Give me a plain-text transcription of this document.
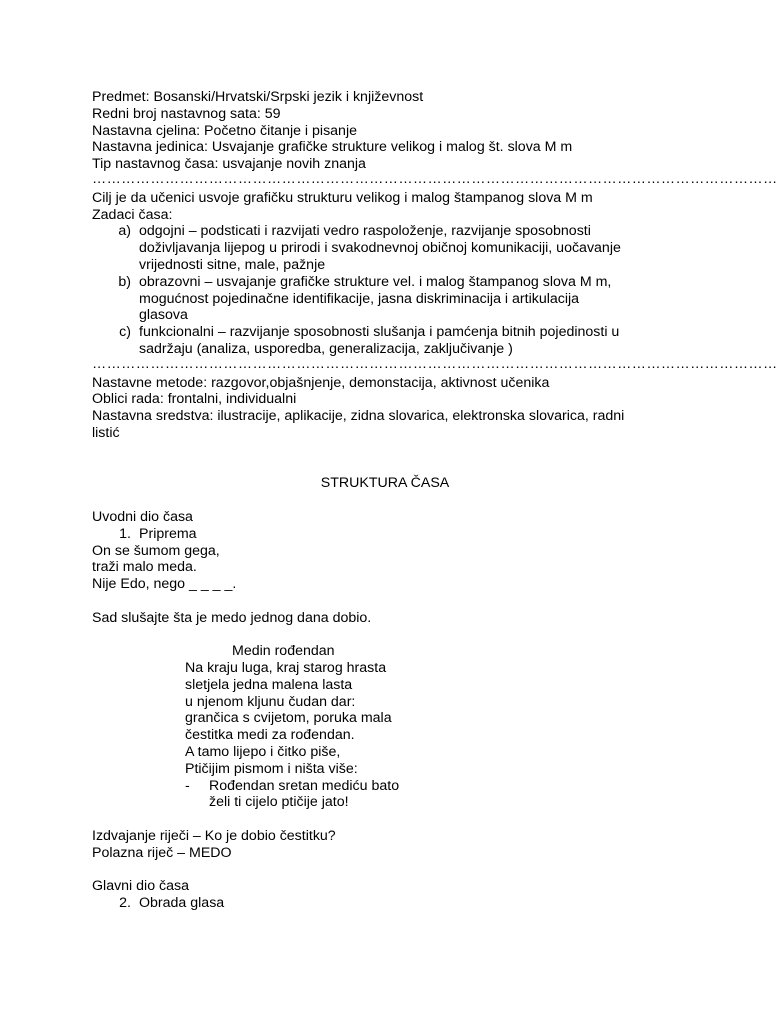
Predmet: Bosanski/Hrvatski/Srpski jezik i književnost
Redni broj nastavnog sata: 59
Nastavna cjelina: Početno čitanje i pisanje
Nastavna jedinica: Usvajanje grafičke strukture velikog i malog št. slova M m
Tip nastavnog časa: usvajanje novih znanja
……………………………………………………………………………………………………………………………
Cilj je da učenici usvoje grafičku strukturu velikog i malog štampanog slova M m
Zadaci časa:
a) odgojni – podsticati i razvijati vedro raspoloženje, razvijanje sposobnosti
doživljavanja lijepog u prirodi i svakodnevnoj običnoj komunikaciji, uočavanje
vrijednosti sitne, male, pažnje
b) obrazovni – usvajanje grafičke strukture vel. i malog štampanog slova M m,
mogućnost pojedinačne identifikacije, jasna diskriminacija i artikulacija
glasova
c) funkcionalni – razvijanje sposobnosti slušanja i pamćenja bitnih pojedinosti u
sadržaju (analiza, usporedba, generalizacija, zaključivanje )
……………………………………………………………………………………………………………………………
Nastavne metode: razgovor,objašnjenje, demonstacija, aktivnost učenika
Oblici rada: frontalni, individualni
Nastavna sredstva: ilustracije, aplikacije, zidna slovarica, elektronska slovarica, radni
listić
STRUKTURA ČASA
Uvodni dio časa
1. Priprema
On se šumom gega,
traži malo meda.
Nije Edo, nego _ _ _ _.
Sad slušajte šta je medo jednog dana dobio.
Medin rođendan
Na kraju luga, kraj starog hrasta
sletjela jedna malena lasta
u njenom kljunu čudan dar:
grančica s cvijetom, poruka mala
čestitka medi za rođendan.
A tamo lijepo i čitko piše,
Ptičijim pismom i ništa više:
-	Rođendan sretan mediću bato
želi ti cijelo ptičije jato!
Izdvajanje riječi – Ko je dobio čestitku?
Polazna riječ – MEDO
Glavni dio časa
2. Obrada glasa
